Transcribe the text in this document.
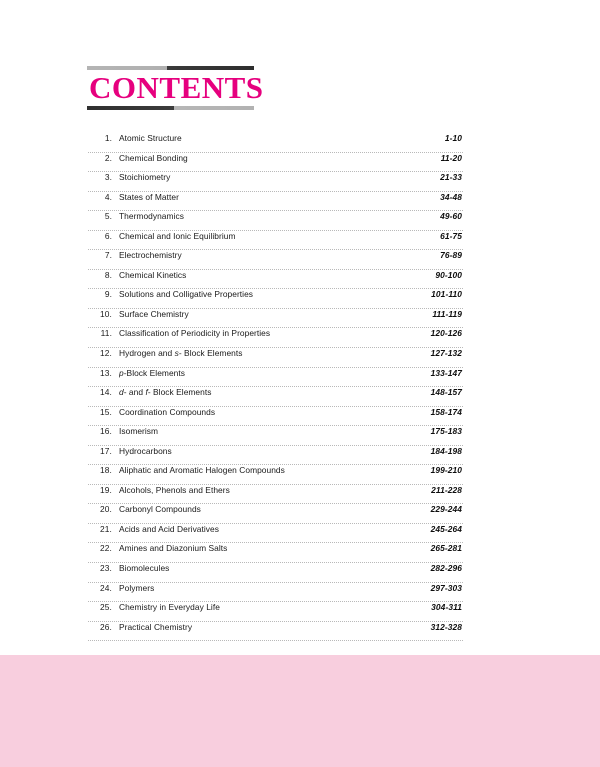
CONTENTS
1. Atomic Structure	1-10
2. Chemical Bonding	11-20
3. Stoichiometry	21-33
4. States of Matter	34-48
5. Thermodynamics	49-60
6. Chemical and Ionic Equilibrium	61-75
7. Electrochemistry	76-89
8. Chemical Kinetics	90-100
9. Solutions and Colligative Properties	101-110
10. Surface Chemistry	111-119
11. Classification of Periodicity in Properties	120-126
12. Hydrogen and s- Block Elements	127-132
13. p-Block Elements	133-147
14. d- and f- Block Elements	148-157
15. Coordination Compounds	158-174
16. Isomerism	175-183
17. Hydrocarbons	184-198
18. Aliphatic and Aromatic Halogen Compounds	199-210
19. Alcohols, Phenols and Ethers	211-228
20. Carbonyl Compounds	229-244
21. Acids and Acid Derivatives	245-264
22. Amines and Diazonium Salts	265-281
23. Biomolecules	282-296
24. Polymers	297-303
25. Chemistry in Everyday Life	304-311
26. Practical Chemistry	312-328
